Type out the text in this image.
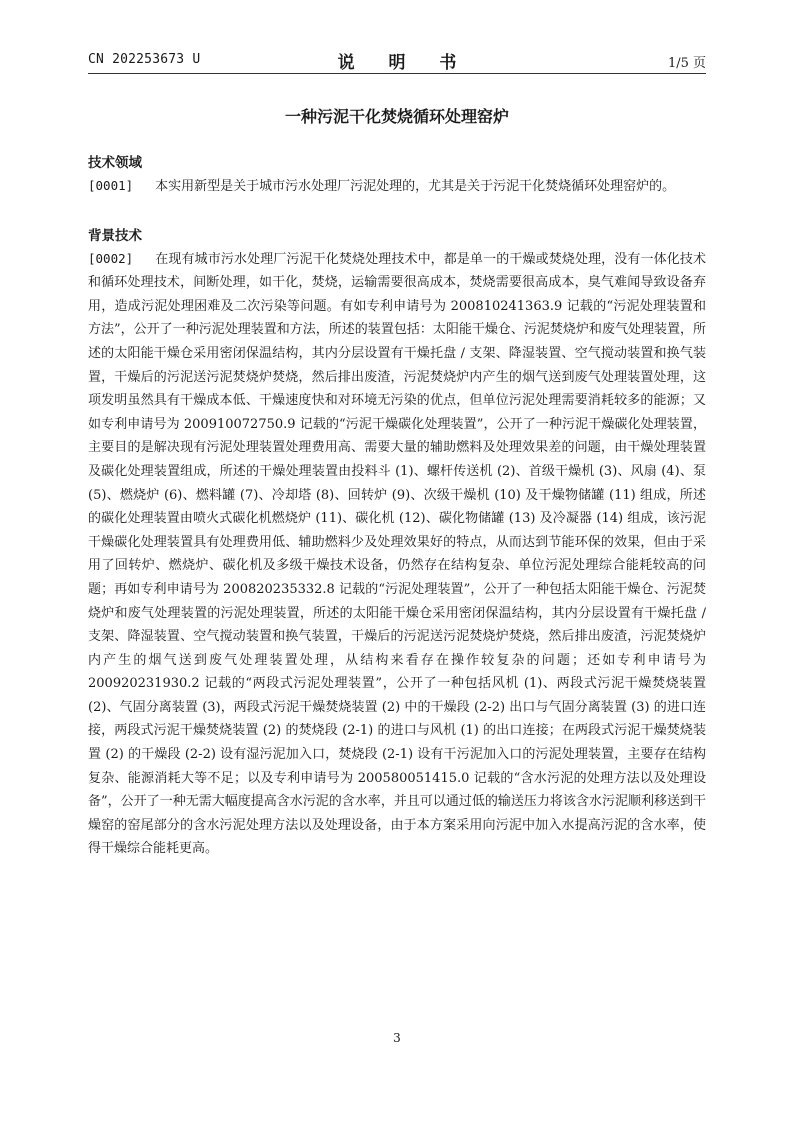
CN 202253673 U	说 明 书	1/5 页
一种污泥干化焚烧循环处理窑炉

技术领域

[0001] 本实用新型是关于城市污水处理厂污泥处理的，尤其是关于污泥干化焚烧循环处理窑炉的。

背景技术

[0002] 在现有城市污水处理厂污泥干化焚烧处理技术中，都是单一的干燥或焚烧处理，没有一体化技术和循环处理技术，间断处理，如干化，焚烧，运输需要很高成本，焚烧需要很高成本，臭气难闻导致设备弃用，造成污泥处理困难及二次污染等问题。有如专利申请号为 200810241363.9 记载的“污泥处理装置和方法”，公开了一种污泥处理装置和方法，所述的装置包括：太阳能干燥仓、污泥焚烧炉和废气处理装置，所述的太阳能干燥仓采用密闭保温结构，其内分层设置有干燥托盘 / 支架、降湿装置、空气搅动装置和换气装置，干燥后的污泥送污泥焚烧炉焚烧，然后排出废渣，污泥焚烧炉内产生的烟气送到废气处理装置处理，这项发明虽然具有干燥成本低、干燥速度快和对环境无污染的优点，但单位污泥处理需要消耗较多的能源；又如专利申请号为 200910072750.9 记载的“污泥干燥碳化处理装置”，公开了一种污泥干燥碳化处理装置，主要目的是解决现有污泥处理装置处理费用高、需要大量的辅助燃料及处理效果差的问题，由干燥处理装置及碳化处理装置组成，所述的干燥处理装置由投料斗 (1)、螺杆传送机 (2)、首级干燥机 (3)、风扇 (4)、泵 (5)、燃烧炉 (6)、燃料罐 (7)、冷却塔 (8)、回转炉 (9)、次级干燥机 (10) 及干燥物储罐 (11) 组成，所述的碳化处理装置由喷火式碳化机燃烧炉 (11)、碳化机 (12)、碳化物储罐 (13) 及冷凝器 (14) 组成，该污泥干燥碳化处理装置具有处理费用低、辅助燃料少及处理效果好的特点，从而达到节能环保的效果，但由于采用了回转炉、燃烧炉、碳化机及多级干燥技术设备，仍然存在结构复杂、单位污泥处理综合能耗较高的问题；再如专利申请号为 200820235332.8 记载的“污泥处理装置”，公开了一种包括太阳能干燥仓、污泥焚烧炉和废气处理装置的污泥处理装置，所述的太阳能干燥仓采用密闭保温结构，其内分层设置有干燥托盘 / 支架、降湿装置、空气搅动装置和换气装置，干燥后的污泥送污泥焚烧炉焚烧，然后排出废渣，污泥焚烧炉内产生的烟气送到废气处理装置处理，从结构来看存在操作较复杂的问题；还如专利申请号为 200920231930.2 记载的“两段式污泥处理装置”，公开了一种包括风机 (1)、两段式污泥干燥焚烧装置 (2)、气固分离装置 (3)，两段式污泥干燥焚烧装置 (2) 中的干燥段 (2-2) 出口与气固分离装置 (3) 的进口连接，两段式污泥干燥焚烧装置 (2) 的焚烧段 (2-1) 的进口与风机 (1) 的出口连接；在两段式污泥干燥焚烧装置 (2) 的干燥段 (2-2) 设有湿污泥加入口，焚烧段 (2-1) 设有干污泥加入口的污泥处理装置，主要存在结构复杂、能源消耗大等不足；以及专利申请号为 200580051415.0 记载的“含水污泥的处理方法以及处理设备”，公开了一种无需大幅度提高含水污泥的含水率，并且可以通过低的输送压力将该含水污泥顺利移送到干燥窑的窑尾部分的含水污泥处理方法以及处理设备，由于本方案采用向污泥中加入水提高污泥的含水率，使得干燥综合能耗更高。

3
